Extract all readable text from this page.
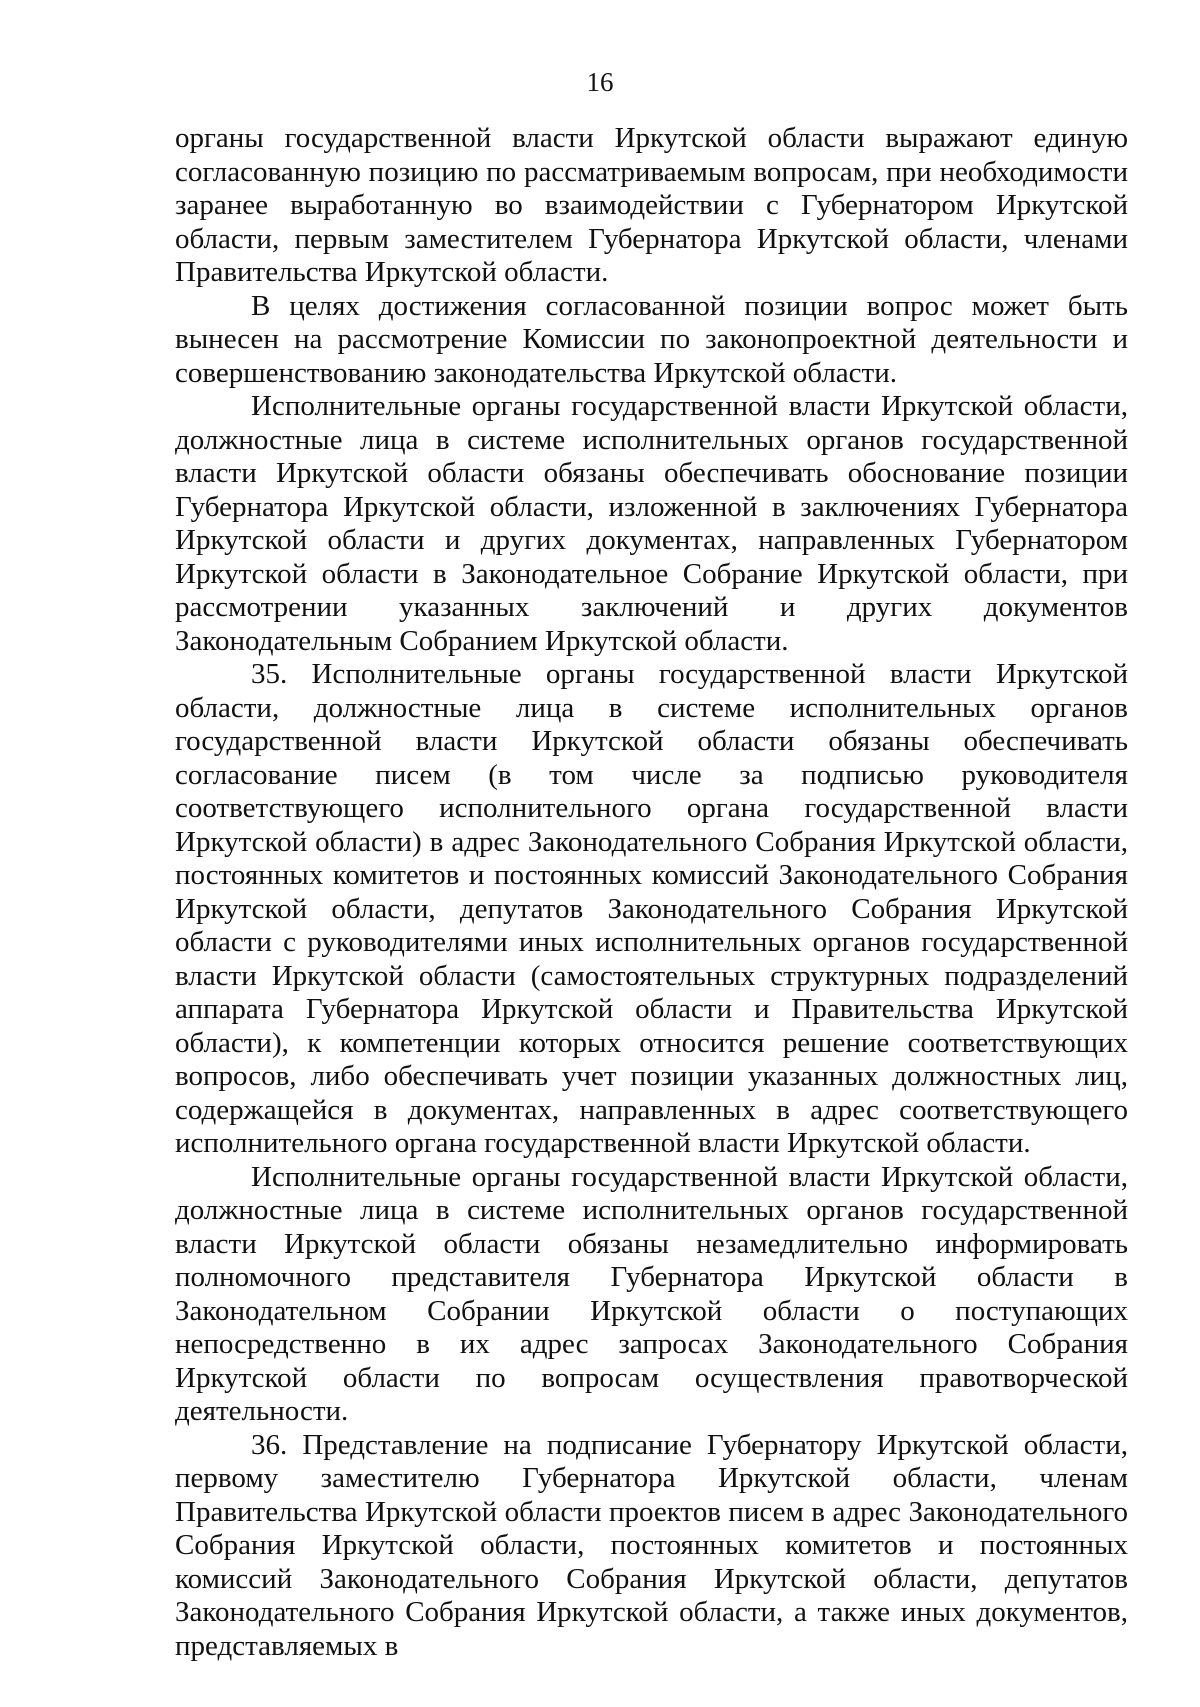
16

органы государственной власти Иркутской области выражают единую согласованную позицию по рассматриваемым вопросам, при необходимости заранее выработанную во взаимодействии с Губернатором Иркутской области, первым заместителем Губернатора Иркутской области, членами Правительства Иркутской области.

В целях достижения согласованной позиции вопрос может быть вынесен на рассмотрение Комиссии по законопроектной деятельности и совершенствованию законодательства Иркутской области.

Исполнительные органы государственной власти Иркутской области, должностные лица в системе исполнительных органов государственной власти Иркутской области обязаны обеспечивать обоснование позиции Губернатора Иркутской области, изложенной в заключениях Губернатора Иркутской области и других документах, направленных Губернатором Иркутской области в Законодательное Собрание Иркутской области, при рассмотрении указанных заключений и других документов Законодательным Собранием Иркутской области.

35. Исполнительные органы государственной власти Иркутской области, должностные лица в системе исполнительных органов государственной власти Иркутской области обязаны обеспечивать согласование писем (в том числе за подписью руководителя соответствующего исполнительного органа государственной власти Иркутской области) в адрес Законодательного Собрания Иркутской области, постоянных комитетов и постоянных комиссий Законодательного Собрания Иркутской области, депутатов Законодательного Собрания Иркутской области с руководителями иных исполнительных органов государственной власти Иркутской области (самостоятельных структурных подразделений аппарата Губернатора Иркутской области и Правительства Иркутской области), к компетенции которых относится решение соответствующих вопросов, либо обеспечивать учет позиции указанных должностных лиц, содержащейся в документах, направленных в адрес соответствующего исполнительного органа государственной власти Иркутской области.

Исполнительные органы государственной власти Иркутской области, должностные лица в системе исполнительных органов государственной власти Иркутской области обязаны незамедлительно информировать полномочного представителя Губернатора Иркутской области в Законодательном Собрании Иркутской области о поступающих непосредственно в их адрес запросах Законодательного Собрания Иркутской области по вопросам осуществления правотворческой деятельности.

36. Представление на подписание Губернатору Иркутской области, первому заместителю Губернатора Иркутской области, членам Правительства Иркутской области проектов писем в адрес Законодательного Собрания Иркутской области, постоянных комитетов и постоянных комиссий Законодательного Собрания Иркутской области, депутатов Законодательного Собрания Иркутской области, а также иных документов, представляемых в
